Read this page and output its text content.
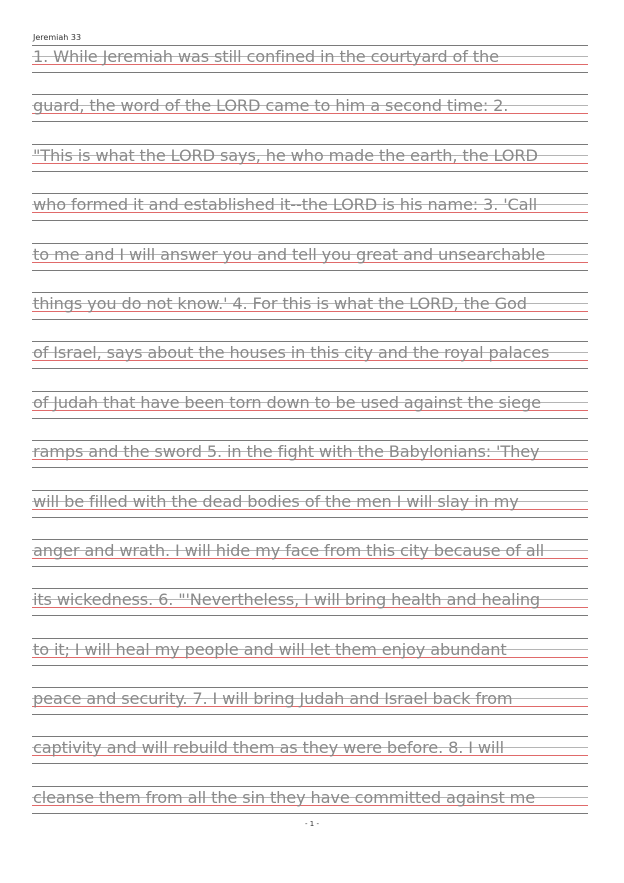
Jeremiah 33
1. While Jeremiah was still confined in the courtyard of the
guard, the word of the LORD came to him a second time: 2.
"This is what the LORD says, he who made the earth, the LORD
who formed it and established it--the LORD is his name: 3. 'Call
to me and I will answer you and tell you great and unsearchable
things you do not know.' 4. For this is what the LORD, the God
of Israel, says about the houses in this city and the royal palaces
of Judah that have been torn down to be used against the siege
ramps and the sword 5. in the fight with the Babylonians: 'They
will be filled with the dead bodies of the men I will slay in my
anger and wrath. I will hide my face from this city because of all
its wickedness. 6. "'Nevertheless, I will bring health and healing
to it; I will heal my people and will let them enjoy abundant
peace and security. 7. I will bring Judah and Israel back from
captivity and will rebuild them as they were before. 8. I will
cleanse them from all the sin they have committed against me
- 1 -
